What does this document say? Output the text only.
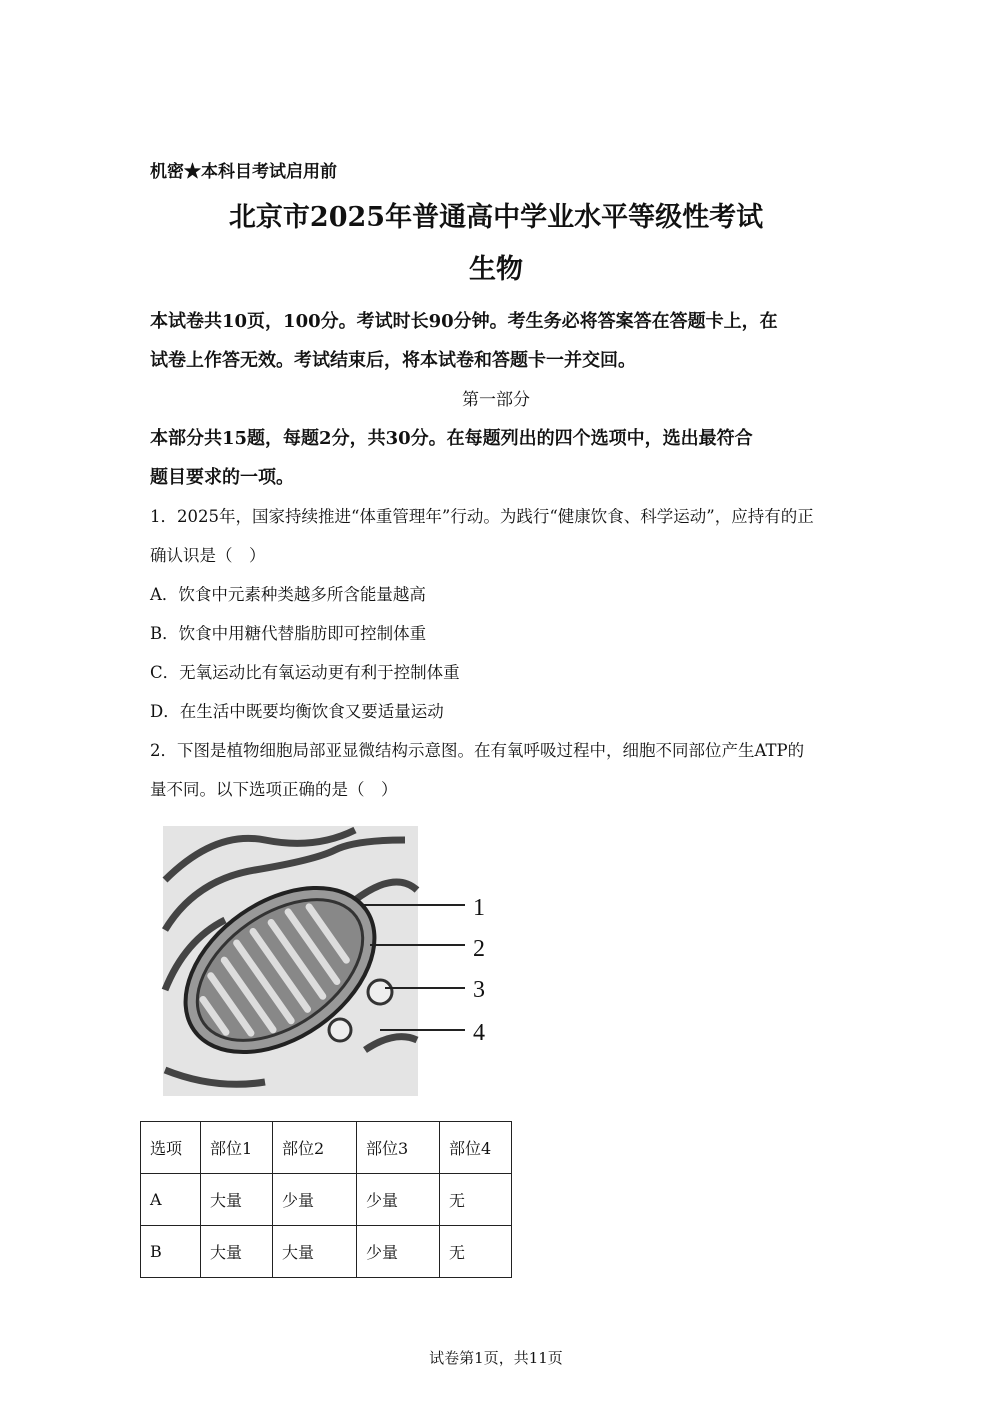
机密★本科目考试启用前
北京市2025年普通高中学业水平等级性考试
生物
本试卷共10页，100分。考试时长90分钟。考生务必将答案答在答题卡上，在
试卷上作答无效。考试结束后，将本试卷和答题卡一并交回。
第一部分
本部分共15题，每题2分，共30分。在每题列出的四个选项中，选出最符合
题目要求的一项。
1．2025年，国家持续推进“体重管理年”行动。为践行“健康饮食、科学运动”，应持有的正
确认识是（　）
A．饮食中元素种类越多所含能量越高
B．饮食中用糖代替脂肪即可控制体重
C．无氧运动比有氧运动更有利于控制体重
D．在生活中既要均衡饮食又要适量运动
2．下图是植物细胞局部亚显微结构示意图。在有氧呼吸过程中，细胞不同部位产生ATP的
量不同。以下选项正确的是（　）
1
2
3
4
选项	部位1	部位2	部位3	部位4
A	大量	少量	少量	无
B	大量	大量	少量	无
试卷第1页，共11页
